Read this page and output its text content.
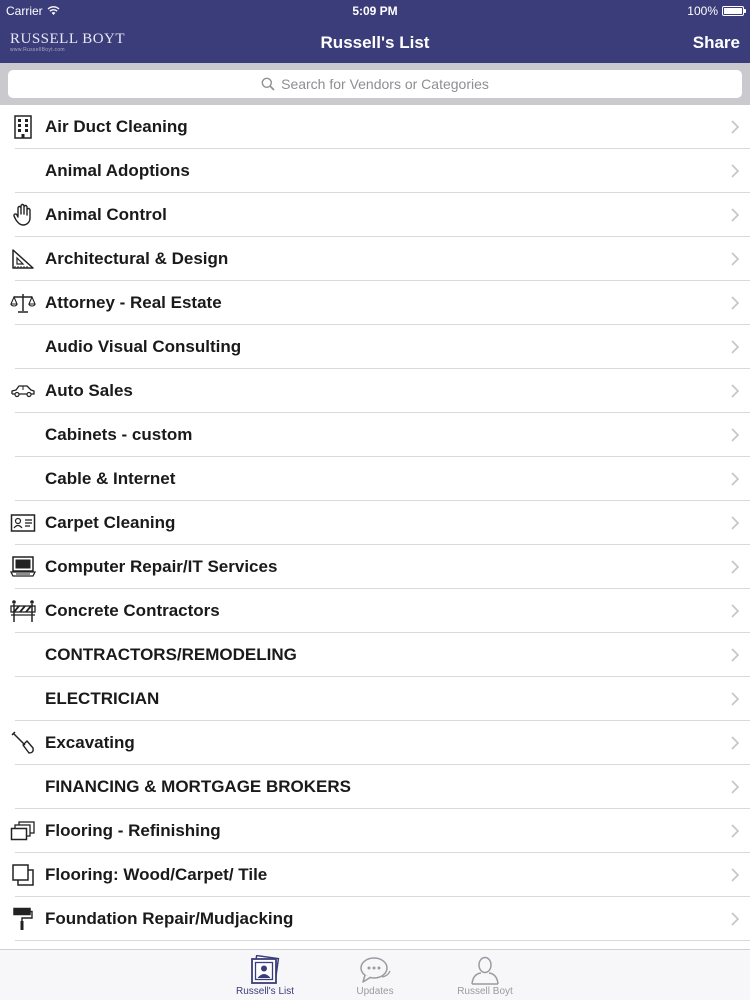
Carrier	5:09 PM	100%
RUSSELL BOYT
www.RussellBoyt.com	Russell's List	Share
Search for Vendors or Categories
Air Duct Cleaning
Animal Adoptions
Animal Control
Architectural & Design
Attorney - Real Estate
Audio Visual Consulting
Auto Sales
Cabinets - custom
Cable & Internet
Carpet Cleaning
Computer Repair/IT Services
Concrete Contractors
CONTRACTORS/REMODELING
ELECTRICIAN
Excavating
FINANCING & MORTGAGE BROKERS
Flooring - Refinishing
Flooring: Wood/Carpet/ Tile
Foundation Repair/Mudjacking
Russell's List	Updates	Russell Boyt
